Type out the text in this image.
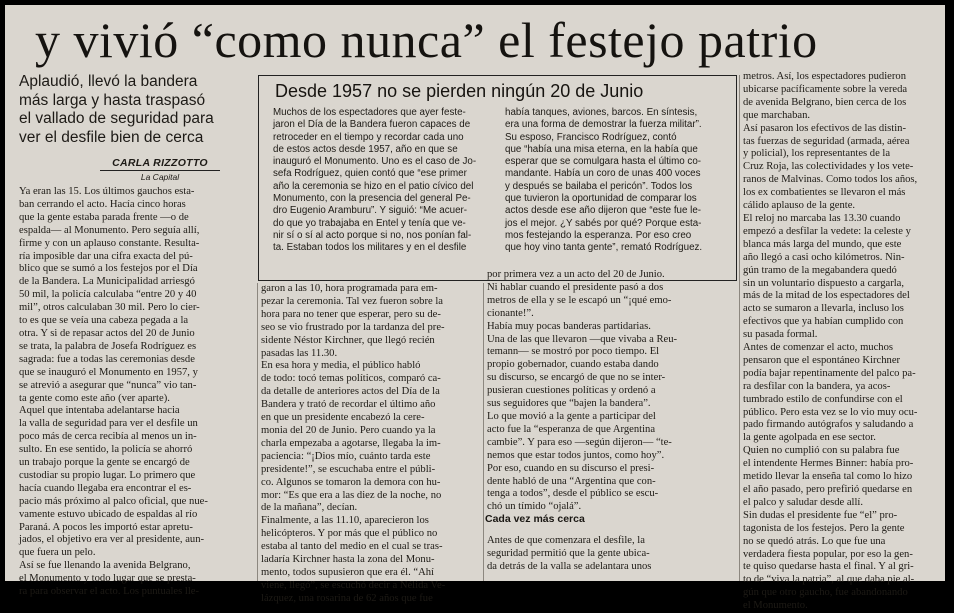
y vivió “como nunca” el festejo patrio
Aplaudió, llevó la bandera
más larga y hasta traspasó
el vallado de seguridad para
ver el desfile bien de cerca
CARLA RIZZOTTO
La Capital
Desde 1957 no se pierden ningún 20 de Junio
Muchos de los espectadores que ayer feste-
jaron el Día de la Bandera fueron capaces de
retroceder en el tiempo y recordar cada uno
de estos actos desde 1957, año en que se
inauguró el Monumento. Uno es el caso de Jo-
sefa Rodríguez, quien contó que “ese primer
año la ceremonia se hizo en el patio cívico del
Monumento, con la presencia del general Pe-
dro Eugenio Aramburu”. Y siguió: “Me acuer-
do que yo trabajaba en Entel y tenía que ve-
nir sí o sí al acto porque si no, nos ponían fal-
ta. Estaban todos los militares y en el desfile
había tanques, aviones, barcos. En síntesis,
era una forma de demostrar la fuerza militar”.
Su esposo, Francisco Rodríguez, contó
que “había una misa eterna, en la había que
esperar que se comulgara hasta el último co-
mandante. Había un coro de unas 400 voces
y después se bailaba el pericón”. Todos los
que tuvieron la oportunidad de comparar los
actos desde ese año dijeron que “este fue le-
jos el mejor. ¿Y sabés por qué? Porque esta-
mos festejando la esperanza. Por eso creo
que hoy vino tanta gente”, remató Rodríguez.
Ya eran las 15. Los últimos gauchos esta-
ban cerrando el acto. Hacía cinco horas
que la gente estaba parada frente —o de
espalda— al Monumento. Pero seguía allí,
firme y con un aplauso constante. Resulta-
ría imposible dar una cifra exacta del pú-
blico que se sumó a los festejos por el Día
de la Bandera. La Municipalidad arriesgó
50 mil, la policía calculaba “entre 20 y 40
mil”, otros calculaban 30 mil. Pero lo cier-
to es que se veía una cabeza pegada a la
otra. Y si de repasar actos del 20 de Junio
se trata, la palabra de Josefa Rodríguez es
sagrada: fue a todas las ceremonias desde
que se inauguró el Monumento en 1957, y
se atrevió a asegurar que “nunca” vio tan-
ta gente como este año (ver aparte).
Aquel que intentaba adelantarse hacia
la valla de seguridad para ver el desfile un
poco más de cerca recibía al menos un in-
sulto. En ese sentido, la policía se ahorró
un trabajo porque la gente se encargó de
custodiar su propio lugar. Lo primero que
hacía cuando llegaba era encontrar el es-
pacio más próximo al palco oficial, que nue-
vamente estuvo ubicado de espaldas al río
Paraná. A pocos les importó estar apretu-
jados, el objetivo era ver al presidente, aun-
que fuera un pelo.
Así se fue llenando la avenida Belgrano,
el Monumento y todo lugar que se presta-
ra para observar el acto. Los puntuales lle-
garon a las 10, hora programada para em-
pezar la ceremonia. Tal vez fueron sobre la
hora para no tener que esperar, pero su de-
seo se vio frustrado por la tardanza del pre-
sidente Néstor Kirchner, que llegó recién
pasadas las 11.30.
En esa hora y media, el público habló
de todo: tocó temas políticos, comparó ca-
da detalle de anteriores actos del Día de la
Bandera y trató de recordar el último año
en que un presidente encabezó la cere-
monia del 20 de Junio. Pero cuando ya la
charla empezaba a agotarse, llegaba la im-
paciencia: “¡Dios mío, cuánto tarda este
presidente!”, se escuchaba entre el públi-
co. Algunos se tomaron la demora con hu-
mor: “Es que era a las diez de la noche, no
de la mañana”, decían.
Finalmente, a las 11.10, aparecieron los
helicópteros. Y por más que el público no
estaba al tanto del medio en el cual se tras-
ladaría Kirchner hasta la zona del Monu-
mento, todos supusieron que era él. “Ahí
viene, llegó”, se escuchó decir a Nélida Ve-
lázquez, una rosarina de 62 años que fue
por primera vez a un acto del 20 de Junio.
Ni hablar cuando el presidente pasó a dos
metros de ella y se le escapó un “¡qué emo-
cionante!”.
Había muy pocas banderas partidarias.
Una de las que llevaron —que vivaba a Reu-
temann— se mostró por poco tiempo. El
propio gobernador, cuando estaba dando
su discurso, se encargó de que no se inter-
pusieran cuestiones políticas y ordenó a
sus seguidores que “bajen la bandera”.
Lo que movió a la gente a participar del
acto fue la “esperanza de que Argentina
cambie”. Y para eso —según dijeron— “te-
nemos que estar todos juntos, como hoy”.
Por eso, cuando en su discurso el presi-
dente habló de una “Argentina que con-
tenga a todos”, desde el público se escu-
chó un tímido “ojalá”.
Cada vez más cerca
Antes de que comenzara el desfile, la
seguridad permitió que la gente ubica-
da detrás de la valla se adelantara unos
metros. Así, los espectadores pudieron
ubicarse pacíficamente sobre la vereda
de avenida Belgrano, bien cerca de los
que marchaban.
Así pasaron los efectivos de las distin-
tas fuerzas de seguridad (armada, aérea
y policial), los representantes de la
Cruz Roja, las colectividades y los vete-
ranos de Malvinas. Como todos los años,
los ex combatientes se llevaron el más
cálido aplauso de la gente.
El reloj no marcaba las 13.30 cuando
empezó a desfilar la vedete: la celeste y
blanca más larga del mundo, que este
año llegó a casi ocho kilómetros. Nin-
gún tramo de la megabandera quedó
sin un voluntario dispuesto a cargarla,
más de la mitad de los espectadores del
acto se sumaron a llevarla, incluso los
efectivos que ya habían cumplido con
su pasada formal.
Antes de comenzar el acto, muchos
pensaron que el espontáneo Kirchner
podía bajar repentinamente del palco pa-
ra desfilar con la bandera, ya acos-
tumbrado estilo de confundirse con el
público. Pero esta vez se lo vio muy ocu-
pado firmando autógrafos y saludando a
la gente agolpada en ese sector.
Quien no cumplió con su palabra fue
el intendente Hermes Binner: había pro-
metido llevar la enseña tal como lo hizo
el año pasado, pero prefirió quedarse en
el palco y saludar desde allí.
Sin dudas el presidente fue “el” pro-
tagonista de los festejos. Pero la gente
no se quedó atrás. Lo que fue una
verdadera fiesta popular, por eso la gen-
te quiso quedarse hasta el final. Y al gri-
to de “viva la patria”, al que daba pie al-
gún que otro gaucho, fue abandonando
el Monumento.
